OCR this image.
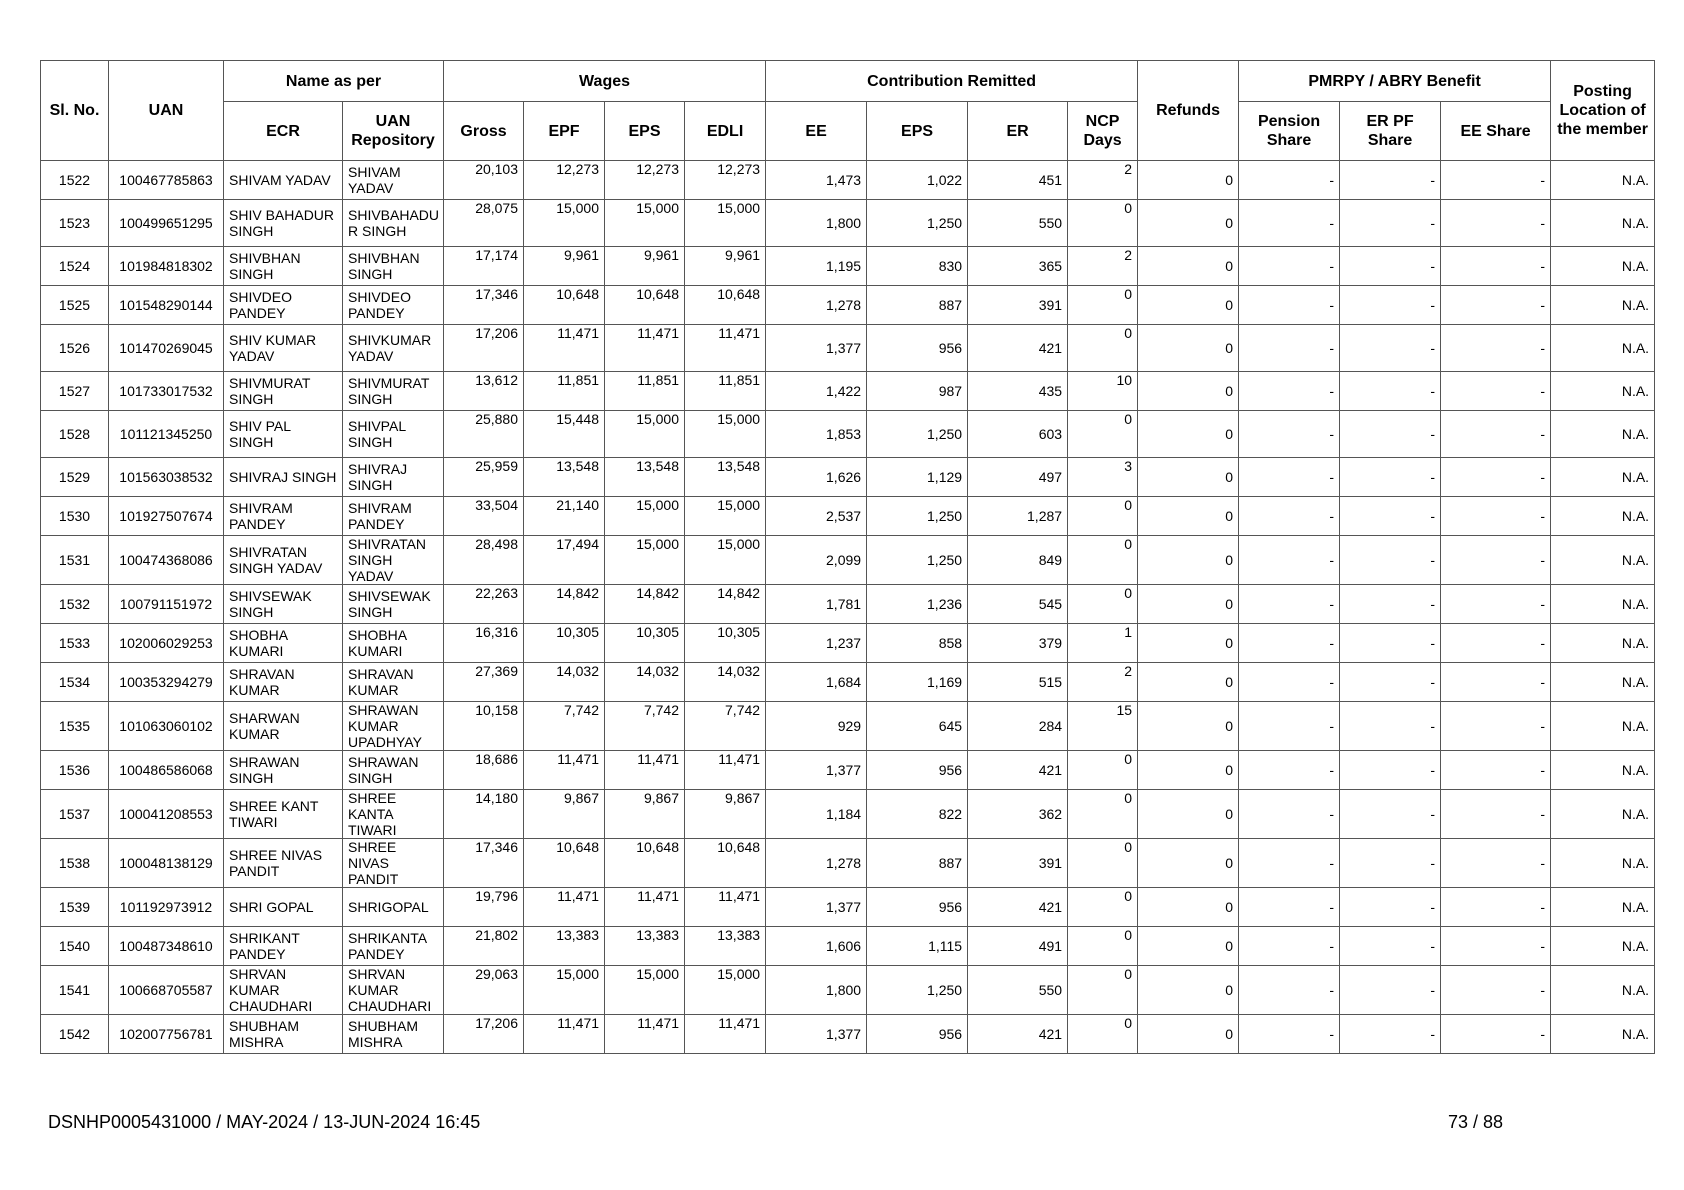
Sl. No.	UAN	Name as per		Wages				Contribution Remitted				Refunds	PMRPY / ABRY Benefit			Posting Location of the member
		ECR	UAN Repository	Gross	EPF	EPS	EDLI	EE	EPS	ER	NCP Days		Pension Share	ER PF Share	EE Share	
1522	100467785863	SHIVAM YADAV	SHIVAM YADAV	20,103	12,273	12,273	12,273	1,473	1,022	451	2	0	-	-	-	N.A.
1523	100499651295	SHIV BAHADUR SINGH	SHIVBAHADU R SINGH	28,075	15,000	15,000	15,000	1,800	1,250	550	0	0	-	-	-	N.A.
1524	101984818302	SHIVBHAN SINGH	SHIVBHAN SINGH	17,174	9,961	9,961	9,961	1,195	830	365	2	0	-	-	-	N.A.
1525	101548290144	SHIVDEO PANDEY	SHIVDEO PANDEY	17,346	10,648	10,648	10,648	1,278	887	391	0	0	-	-	-	N.A.
1526	101470269045	SHIV KUMAR YADAV	SHIVKUMAR YADAV	17,206	11,471	11,471	11,471	1,377	956	421	0	0	-	-	-	N.A.
1527	101733017532	SHIVMURAT SINGH	SHIVMURAT SINGH	13,612	11,851	11,851	11,851	1,422	987	435	10	0	-	-	-	N.A.
1528	101121345250	SHIV PAL SINGH	SHIVPAL SINGH	25,880	15,448	15,000	15,000	1,853	1,250	603	0	0	-	-	-	N.A.
1529	101563038532	SHIVRAJ SINGH	SHIVRAJ SINGH	25,959	13,548	13,548	13,548	1,626	1,129	497	3	0	-	-	-	N.A.
1530	101927507674	SHIVRAM PANDEY	SHIVRAM PANDEY	33,504	21,140	15,000	15,000	2,537	1,250	1,287	0	0	-	-	-	N.A.
1531	100474368086	SHIVRATAN SINGH YADAV	SHIVRATAN SINGH YADAV	28,498	17,494	15,000	15,000	2,099	1,250	849	0	0	-	-	-	N.A.
1532	100791151972	SHIVSEWAK SINGH	SHIVSEWAK SINGH	22,263	14,842	14,842	14,842	1,781	1,236	545	0	0	-	-	-	N.A.
1533	102006029253	SHOBHA KUMARI	SHOBHA KUMARI	16,316	10,305	10,305	10,305	1,237	858	379	1	0	-	-	-	N.A.
1534	100353294279	SHRAVAN KUMAR	SHRAVAN KUMAR	27,369	14,032	14,032	14,032	1,684	1,169	515	2	0	-	-	-	N.A.
1535	101063060102	SHARWAN KUMAR	SHRAWAN KUMAR UPADHYAY	10,158	7,742	7,742	7,742	929	645	284	15	0	-	-	-	N.A.
1536	100486586068	SHRAWAN SINGH	SHRAWAN SINGH	18,686	11,471	11,471	11,471	1,377	956	421	0	0	-	-	-	N.A.
1537	100041208553	SHREE KANT TIWARI	SHREE KANTA TIWARI	14,180	9,867	9,867	9,867	1,184	822	362	0	0	-	-	-	N.A.
1538	100048138129	SHREE NIVAS PANDIT	SHREE NIVAS PANDIT	17,346	10,648	10,648	10,648	1,278	887	391	0	0	-	-	-	N.A.
1539	101192973912	SHRI GOPAL	SHRIGOPAL	19,796	11,471	11,471	11,471	1,377	956	421	0	0	-	-	-	N.A.
1540	100487348610	SHRIKANT PANDEY	SHRIKANTA PANDEY	21,802	13,383	13,383	13,383	1,606	1,115	491	0	0	-	-	-	N.A.
1541	100668705587	SHRVAN KUMAR CHAUDHARI	SHRVAN KUMAR CHAUDHARI	29,063	15,000	15,000	15,000	1,800	1,250	550	0	0	-	-	-	N.A.
1542	102007756781	SHUBHAM MISHRA	SHUBHAM MISHRA	17,206	11,471	11,471	11,471	1,377	956	421	0	0	-	-	-	N.A.
DSNHP0005431000 / MAY-2024 / 13-JUN-2024 16:45	73 / 88
